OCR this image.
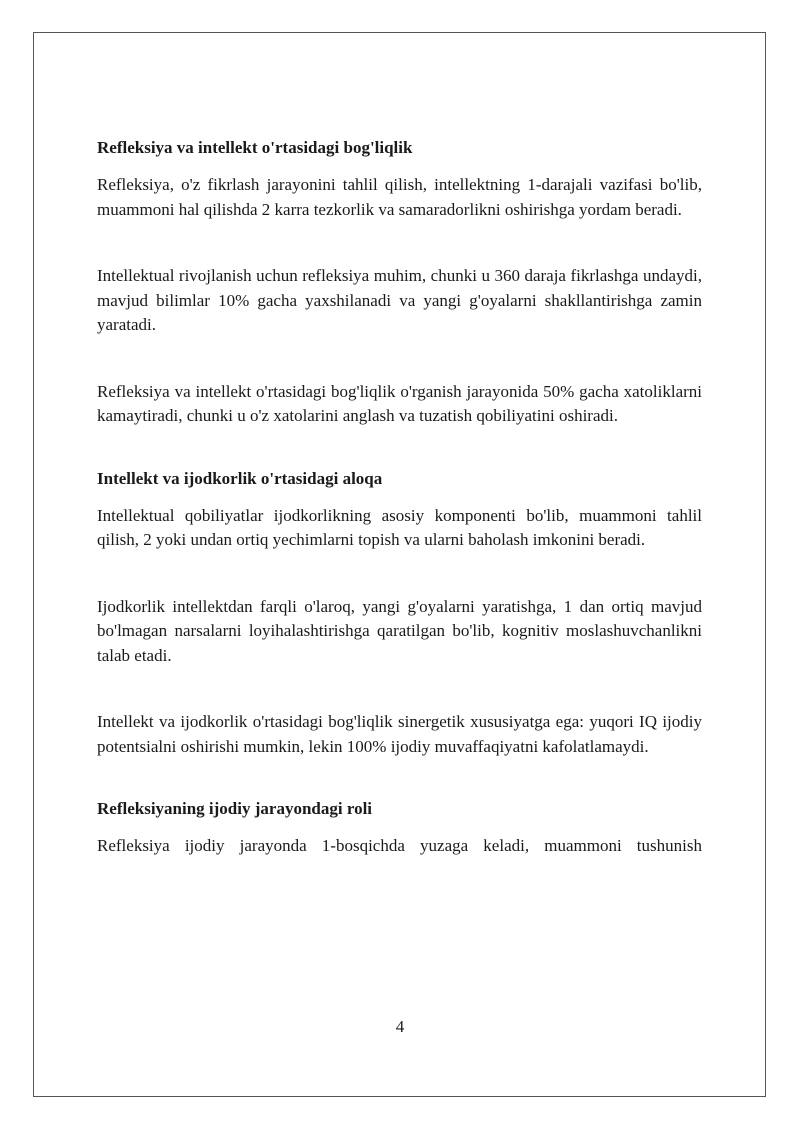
Refleksiya va intellekt o'rtasidagi bog'liqlik

Refleksiya, o'z fikrlash jarayonini tahlil qilish, intellektning 1-darajali vazifasi bo'lib, muammoni hal qilishda 2 karra tezkorlik va samaradorlikni oshirishga yordam beradi.

Intellektual rivojlanish uchun refleksiya muhim, chunki u 360 daraja fikrlashga undaydi, mavjud bilimlar 10% gacha yaxshilanadi va yangi g'oyalarni shakllantirishga zamin yaratadi.

Refleksiya va intellekt o'rtasidagi bog'liqlik o'rganish jarayonida 50% gacha xatoliklarni kamaytiradi, chunki u o'z xatolarini anglash va tuzatish qobiliyatini oshiradi.

Intellekt va ijodkorlik o'rtasidagi aloqa

Intellektual qobiliyatlar ijodkorlikning asosiy komponenti bo'lib, muammoni tahlil qilish, 2 yoki undan ortiq yechimlarni topish va ularni baholash imkonini beradi.

Ijodkorlik intellektdan farqli o'laroq, yangi g'oyalarni yaratishga, 1 dan ortiq mavjud bo'lmagan narsalarni loyihalashtirishga qaratilgan bo'lib, kognitiv moslashuvchanlikni talab etadi.

Intellekt va ijodkorlik o'rtasidagi bog'liqlik sinergetik xususiyatga ega: yuqori IQ ijodiy potentsialni oshirishi mumkin, lekin 100% ijodiy muvaffaqiyatni kafolatlamaydi.

Refleksiyaning ijodiy jarayondagi roli

Refleksiya ijodiy jarayonda 1-bosqichda yuzaga keladi, muammoni tushunish

4
